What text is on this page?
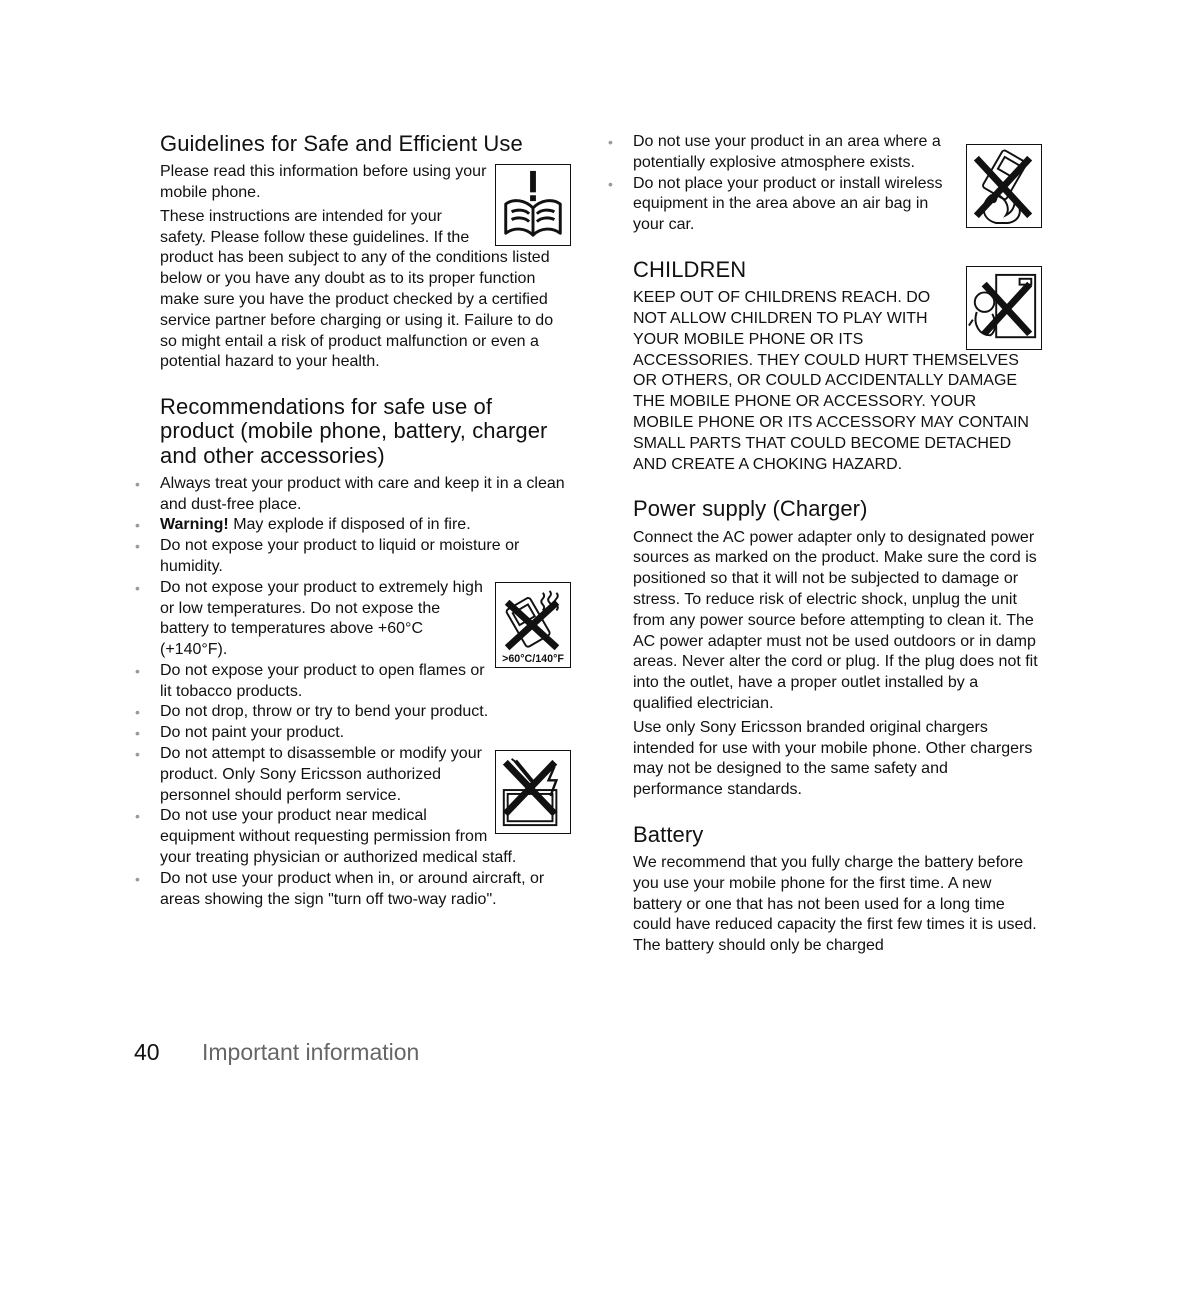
Guidelines for Safe and Efficient Use

Please read this information before using your mobile phone.

These instructions are intended for your safety. Please follow these guidelines. If the product has been subject to any of the conditions listed below or you have any doubt as to its proper function make sure you have the product checked by a certified service partner before charging or using it. Failure to do so might entail a risk of product malfunction or even a potential hazard to your health.

Recommendations for safe use of product (mobile phone, battery, charger and other accessories)
• Always treat your product with care and keep it in a clean and dust-free place.
• Warning! May explode if disposed of in fire.
• Do not expose your product to liquid or moisture or humidity.
• >60°C/140°F
Do not expose your product to extremely high or low temperatures. Do not expose the battery to temperatures above +60°C (+140°F).
• Do not expose your product to open flames or lit tobacco products.
• Do not drop, throw or try to bend your product.
• Do not paint your product.
• Do not attempt to disassemble or modify your product. Only Sony Ericsson authorized personnel should perform service.
• Do not use your product near medical equipment without requesting permission from your treating physician or authorized medical staff.
• Do not use your product when in, or around aircraft, or areas showing the sign "turn off two-way radio".
• Do not use your product in an area where a potentially explosive atmosphere exists.
• Do not place your product or install wireless equipment in the area above an air bag in your car.
CHILDREN

KEEP OUT OF CHILDRENS REACH. DO NOT ALLOW CHILDREN TO PLAY WITH YOUR MOBILE PHONE OR ITS ACCESSORIES. THEY COULD HURT THEMSELVES OR OTHERS, OR COULD ACCIDENTALLY DAMAGE THE MOBILE PHONE OR ACCESSORY. YOUR MOBILE PHONE OR ITS ACCESSORY MAY CONTAIN SMALL PARTS THAT COULD BECOME DETACHED AND CREATE A CHOKING HAZARD.

Power supply (Charger)

Connect the AC power adapter only to designated power sources as marked on the product. Make sure the cord is positioned so that it will not be subjected to damage or stress. To reduce risk of electric shock, unplug the unit from any power source before attempting to clean it. The AC power adapter must not be used outdoors or in damp areas. Never alter the cord or plug. If the plug does not fit into the outlet, have a proper outlet installed by a qualified electrician.

Use only Sony Ericsson branded original chargers intended for use with your mobile phone. Other chargers may not be designed to the same safety and performance standards.

Battery

We recommend that you fully charge the battery before you use your mobile phone for the first time. A new battery or one that has not been used for a long time could have reduced capacity the first few times it is used. The battery should only be charged

40 Important information
